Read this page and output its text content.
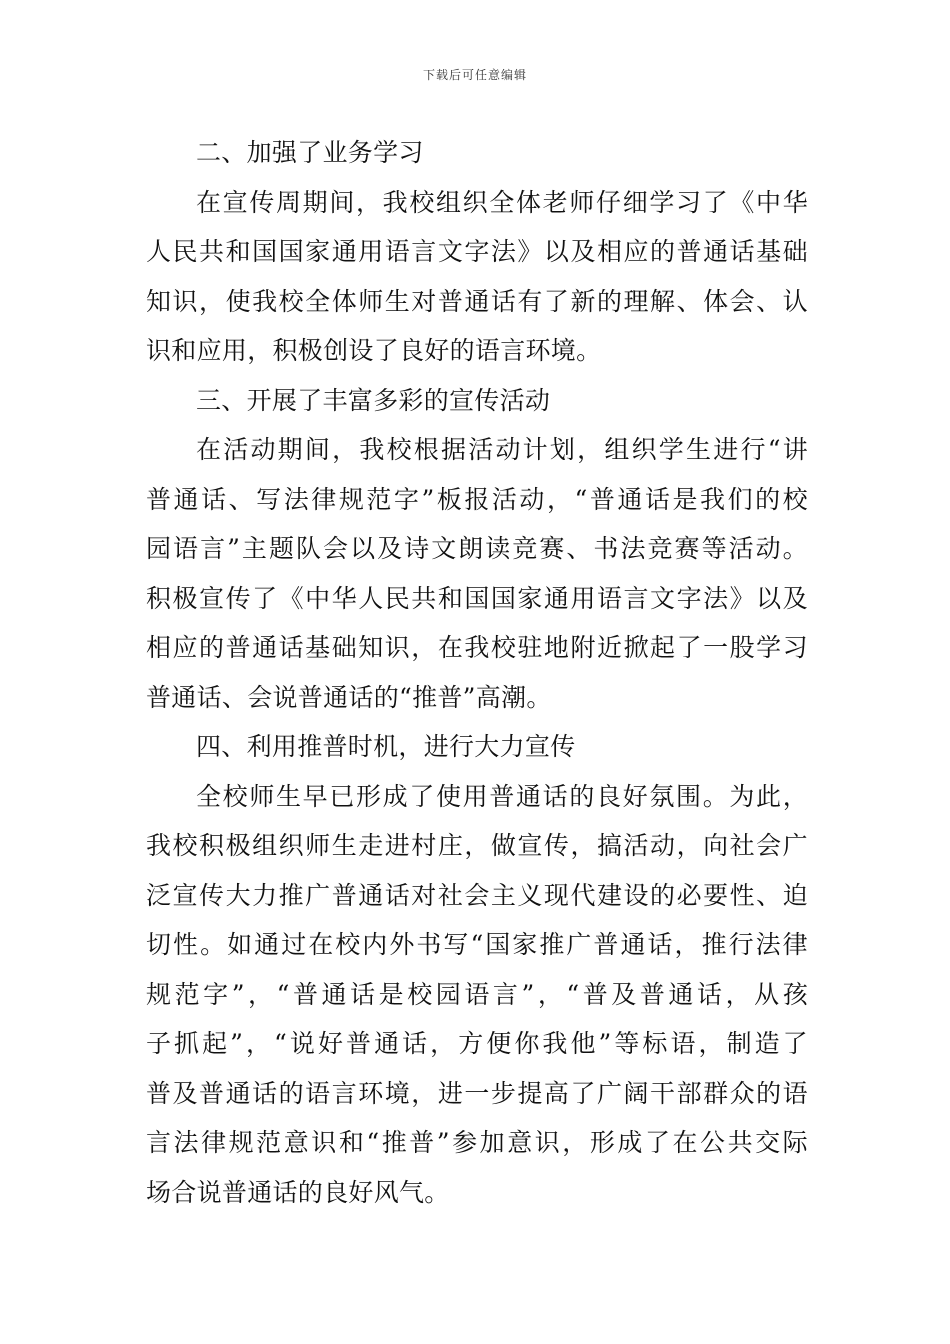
下载后可任意编辑
二、加强了业务学习
在宣传周期间，我校组织全体老师仔细学习了《中华
人民共和国国家通用语言文字法》以及相应的普通话基础
知识，使我校全体师生对普通话有了新的理解、体会、认
识和应用，积极创设了良好的语言环境。
三、开展了丰富多彩的宣传活动
在活动期间，我校根据活动计划，组织学生进行“讲
普通话、写法律规范字”板报活动，“普通话是我们的校
园语言”主题队会以及诗文朗读竞赛、书法竞赛等活动。
积极宣传了《中华人民共和国国家通用语言文字法》以及
相应的普通话基础知识，在我校驻地附近掀起了一股学习
普通话、会说普通话的“推普”高潮。
四、利用推普时机，进行大力宣传
全校师生早已形成了使用普通话的良好氛围。为此，
我校积极组织师生走进村庄，做宣传，搞活动，向社会广
泛宣传大力推广普通话对社会主义现代建设的必要性、迫
切性。如通过在校内外书写“国家推广普通话，推行法律
规范字”，“普通话是校园语言”，“普及普通话，从孩
子抓起”，“说好普通话，方便你我他”等标语，制造了
普及普通话的语言环境，进一步提高了广阔干部群众的语
言法律规范意识和“推普”参加意识，形成了在公共交际
场合说普通话的良好风气。
